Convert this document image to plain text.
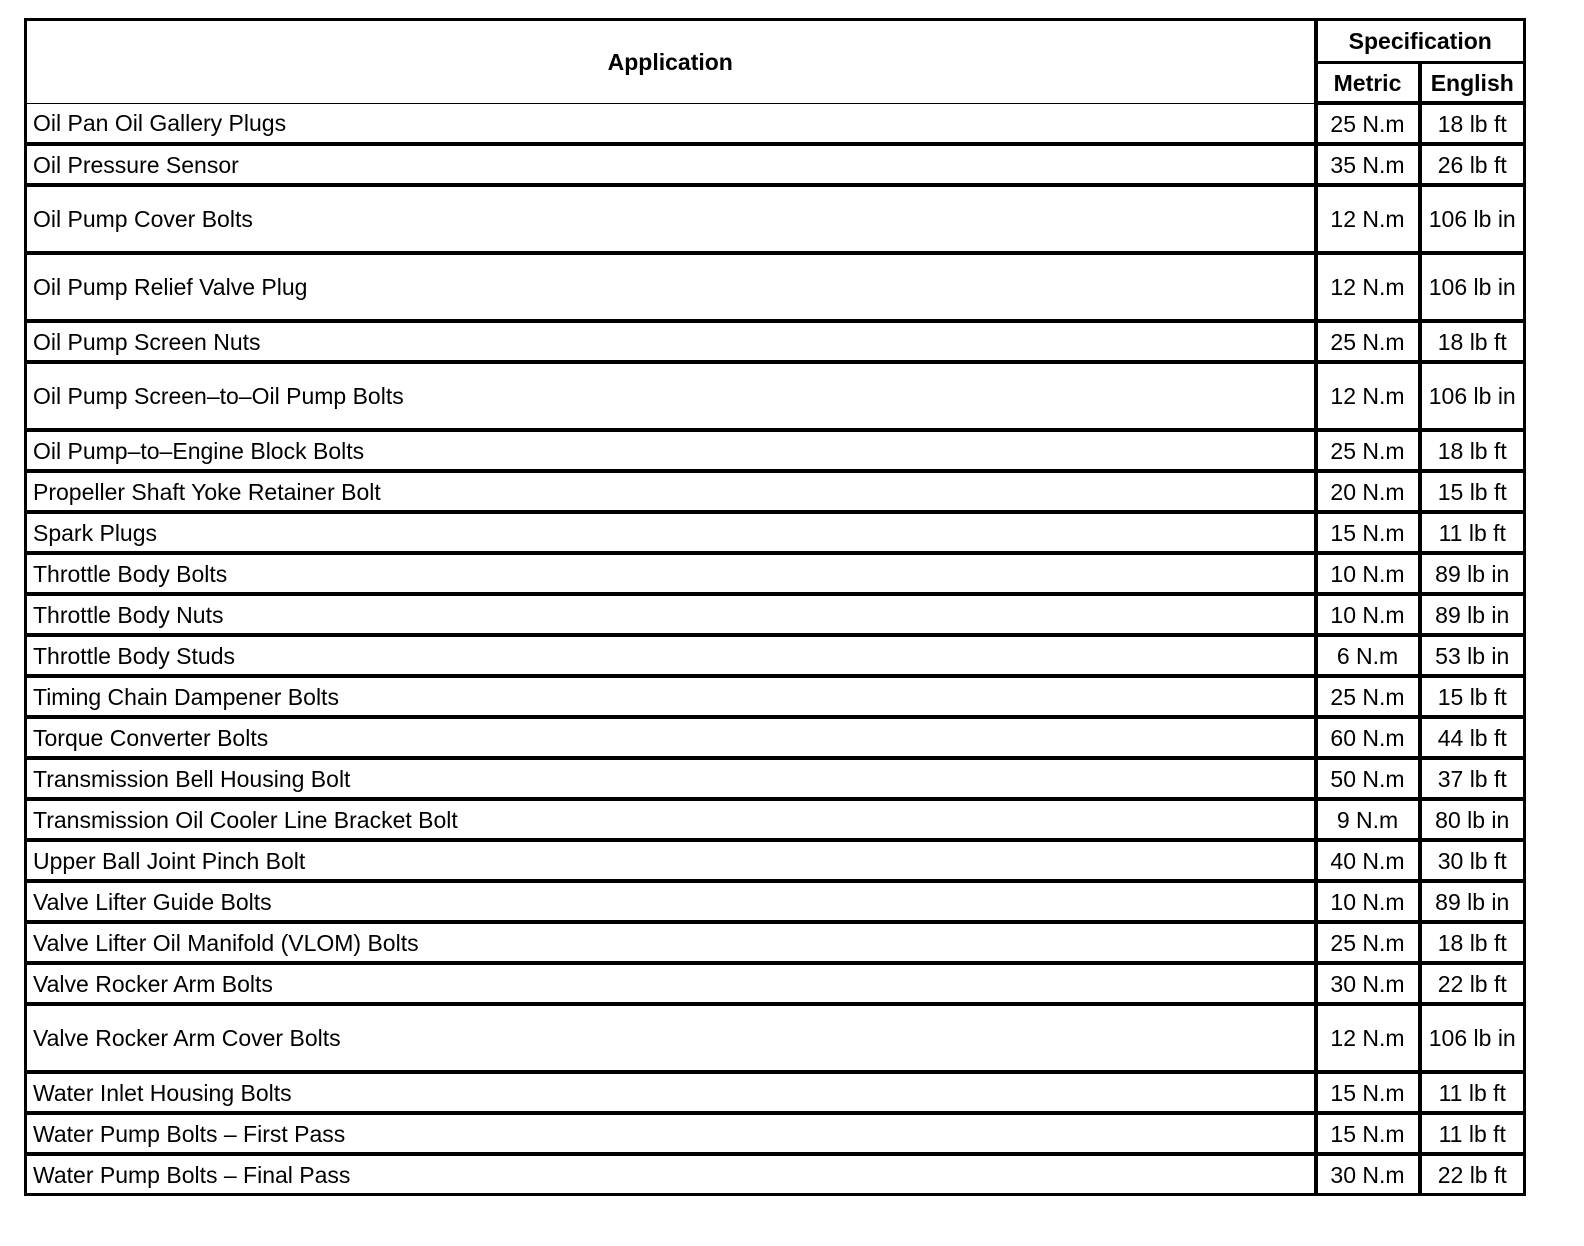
Application	Specification	
	Metric	English
Oil Pan Oil Gallery Plugs	25 N.m	18 lb ft
Oil Pressure Sensor	35 N.m	26 lb ft
Oil Pump Cover Bolts	12 N.m	106 lb in
Oil Pump Relief Valve Plug	12 N.m	106 lb in
Oil Pump Screen Nuts	25 N.m	18 lb ft
Oil Pump Screen–to–Oil Pump Bolts	12 N.m	106 lb in
Oil Pump–to–Engine Block Bolts	25 N.m	18 lb ft
Propeller Shaft Yoke Retainer Bolt	20 N.m	15 lb ft
Spark Plugs	15 N.m	11 lb ft
Throttle Body Bolts	10 N.m	89 lb in
Throttle Body Nuts	10 N.m	89 lb in
Throttle Body Studs	6 N.m	53 lb in
Timing Chain Dampener Bolts	25 N.m	15 lb ft
Torque Converter Bolts	60 N.m	44 lb ft
Transmission Bell Housing Bolt	50 N.m	37 lb ft
Transmission Oil Cooler Line Bracket Bolt	9 N.m	80 lb in
Upper Ball Joint Pinch Bolt	40 N.m	30 lb ft
Valve Lifter Guide Bolts	10 N.m	89 lb in
Valve Lifter Oil Manifold (VLOM) Bolts	25 N.m	18 lb ft
Valve Rocker Arm Bolts	30 N.m	22 lb ft
Valve Rocker Arm Cover Bolts	12 N.m	106 lb in
Water Inlet Housing Bolts	15 N.m	11 lb ft
Water Pump Bolts – First Pass	15 N.m	11 lb ft
Water Pump Bolts – Final Pass	30 N.m	22 lb ft
